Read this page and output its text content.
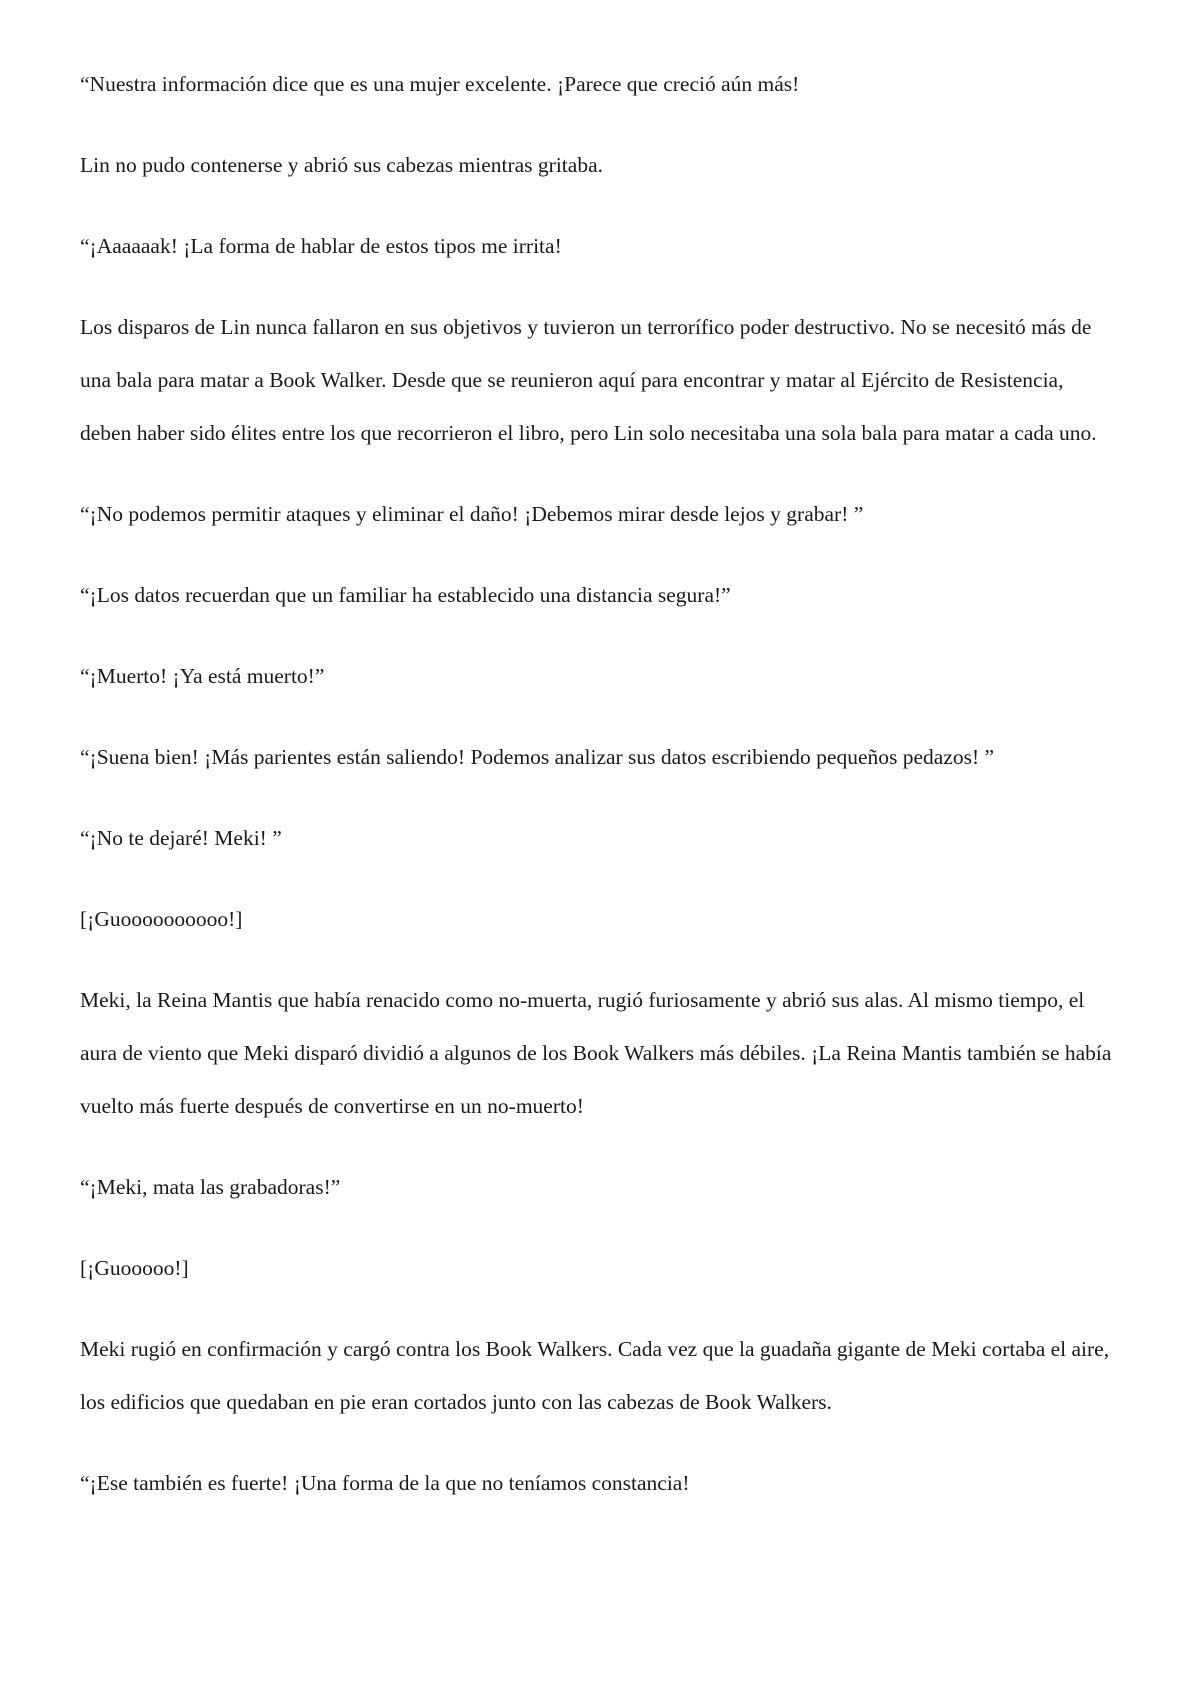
“Nuestra información dice que es una mujer excelente. ¡Parece que creció aún más!

Lin no pudo contenerse y abrió sus cabezas mientras gritaba.

“¡Aaaaaak! ¡La forma de hablar de estos tipos me irrita!

Los disparos de Lin nunca fallaron en sus objetivos y tuvieron un terrorífico poder destructivo. No se necesitó más de una bala para matar a Book Walker. Desde que se reunieron aquí para encontrar y matar al Ejército de Resistencia, deben haber sido élites entre los que recorrieron el libro, pero Lin solo necesitaba una sola bala para matar a cada uno.

“¡No podemos permitir ataques y eliminar el daño! ¡Debemos mirar desde lejos y grabar! ”

“¡Los datos recuerdan que un familiar ha establecido una distancia segura!”

“¡Muerto! ¡Ya está muerto!”

“¡Suena bien! ¡Más parientes están saliendo! Podemos analizar sus datos escribiendo pequeños pedazos! ”

“¡No te dejaré! Meki! ”

[¡Guoooooooooo!]

Meki, la Reina Mantis que había renacido como no-muerta, rugió furiosamente y abrió sus alas. Al mismo tiempo, el aura de viento que Meki disparó dividió a algunos de los Book Walkers más débiles. ¡La Reina Mantis también se había vuelto más fuerte después de convertirse en un no-muerto!

“¡Meki, mata las grabadoras!”

[¡Guooooo!]

Meki rugió en confirmación y cargó contra los Book Walkers. Cada vez que la guadaña gigante de Meki cortaba el aire, los edificios que quedaban en pie eran cortados junto con las cabezas de Book Walkers.

“¡Ese también es fuerte! ¡Una forma de la que no teníamos constancia!
